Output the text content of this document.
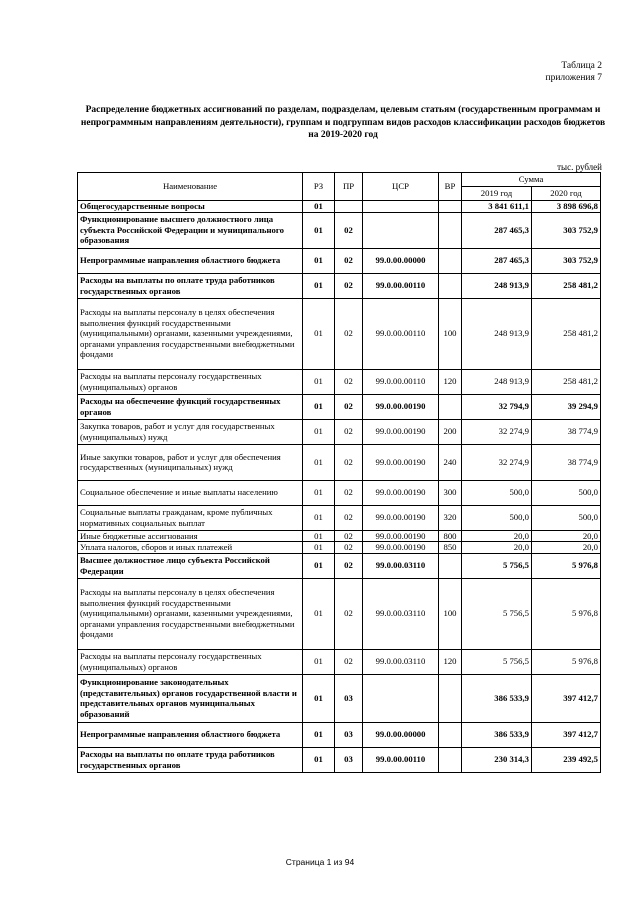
Таблица 2
приложения 7
Распределение бюджетных ассигнований по разделам, подразделам, целевым статьям (государственным программам и непрограммным направлениям деятельности), группам и подгруппам видов расходов классификации расходов бюджетов на 2019-2020 год
тыс. рублей
Наименование	РЗ	ПР	ЦСР	ВР	Сумма	
					2019 год	2020 год
Общегосударственные вопросы	01				3 841 611,1	3 898 696,8
Функционирование высшего должностного лица субъекта Российской Федерации и муниципального образования	01	02			287 465,3	303 752,9
Непрограммные направления областного бюджета	01	02	99.0.00.00000		287 465,3	303 752,9
Расходы на выплаты по оплате труда работников государственных органов	01	02	99.0.00.00110		248 913,9	258 481,2
Расходы на выплаты персоналу в целях обеспечения выполнения функций государственными (муниципальными) органами, казенными учреждениями, органами управления государственными внебюджетными фондами	01	02	99.0.00.00110	100	248 913,9	258 481,2
Расходы на выплаты персоналу государственных (муниципальных) органов	01	02	99.0.00.00110	120	248 913,9	258 481,2
Расходы на обеспечение функций государственных органов	01	02	99.0.00.00190		32 794,9	39 294,9
Закупка товаров, работ и услуг для государственных (муниципальных) нужд	01	02	99.0.00.00190	200	32 274,9	38 774,9
Иные закупки товаров, работ и услуг для обеспечения государственных (муниципальных) нужд	01	02	99.0.00.00190	240	32 274,9	38 774,9
Социальное обеспечение и иные выплаты населению	01	02	99.0.00.00190	300	500,0	500,0
Социальные выплаты гражданам, кроме публичных нормативных социальных выплат	01	02	99.0.00.00190	320	500,0	500,0
Иные бюджетные ассигнования	01	02	99.0.00.00190	800	20,0	20,0
Уплата налогов, сборов и иных платежей	01	02	99.0.00.00190	850	20,0	20,0
Высшее должностное лицо субъекта Российской Федерации	01	02	99.0.00.03110		5 756,5	5 976,8
Расходы на выплаты персоналу в целях обеспечения выполнения функций государственными (муниципальными) органами, казенными учреждениями, органами управления государственными внебюджетными фондами	01	02	99.0.00.03110	100	5 756,5	5 976,8
Расходы на выплаты персоналу государственных (муниципальных) органов	01	02	99.0.00.03110	120	5 756,5	5 976,8
Функционирование законодательных (представительных) органов государственной власти и представительных органов муниципальных образований	01	03			386 533,9	397 412,7
Непрограммные направления областного бюджета	01	03	99.0.00.00000		386 533,9	397 412,7
Расходы на выплаты по оплате труда работников государственных органов	01	03	99.0.00.00110		230 314,3	239 492,5
Страница 1 из 94
